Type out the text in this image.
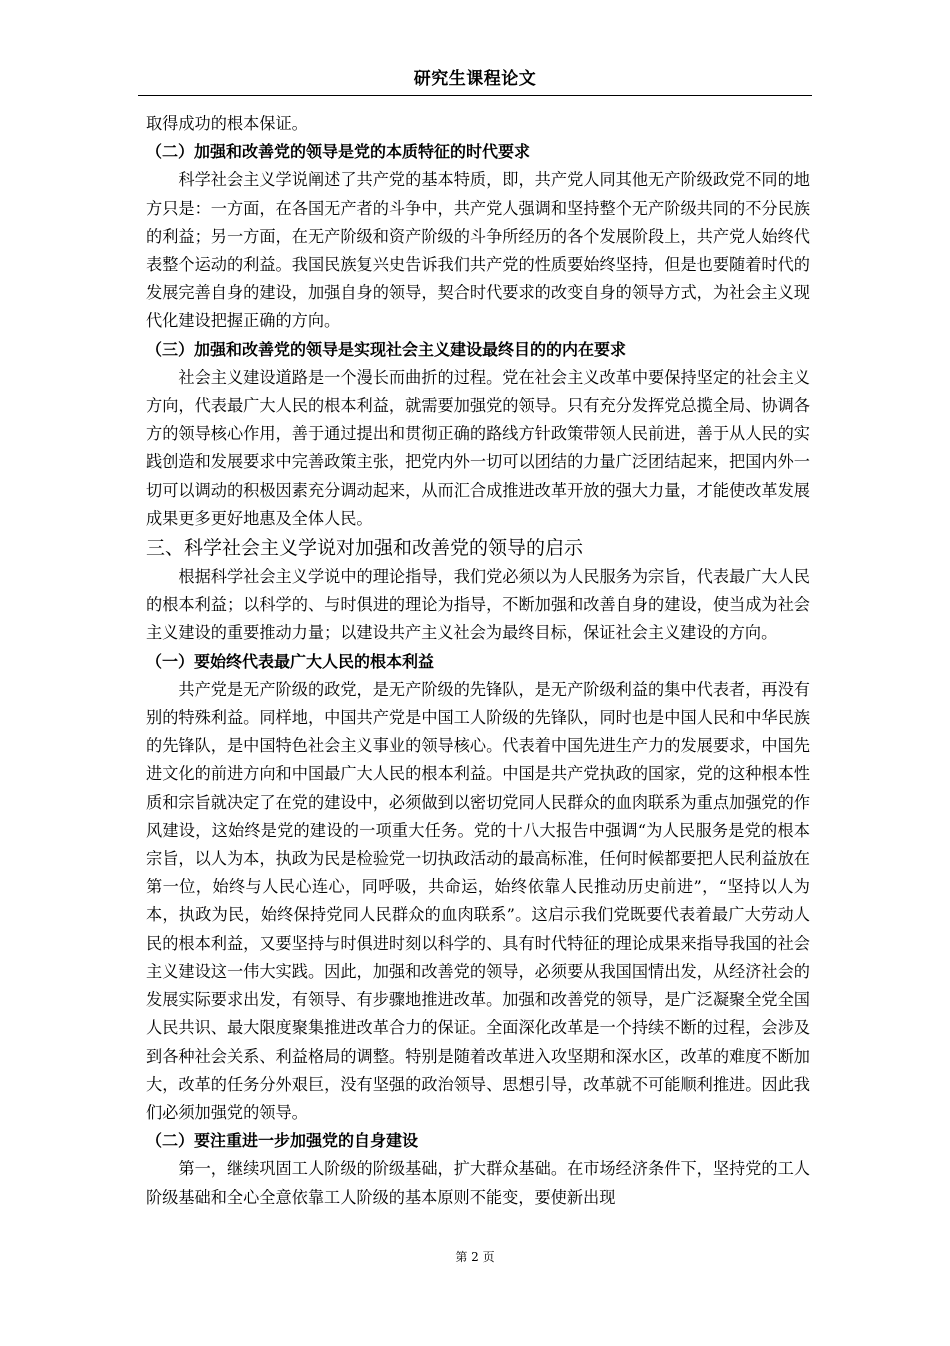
研究生课程论文

取得成功的根本保证。

（二）加强和改善党的领导是党的本质特征的时代要求

科学社会主义学说阐述了共产党的基本特质，即，共产党人同其他无产阶级政党不同的地方只是：一方面，在各国无产者的斗争中，共产党人强调和坚持整个无产阶级共同的不分民族的利益；另一方面，在无产阶级和资产阶级的斗争所经历的各个发展阶段上，共产党人始终代表整个运动的利益。我国民族复兴史告诉我们共产党的性质要始终坚持，但是也要随着时代的发展完善自身的建设，加强自身的领导，契合时代要求的改变自身的领导方式，为社会主义现代化建设把握正确的方向。

（三）加强和改善党的领导是实现社会主义建设最终目的的内在要求

社会主义建设道路是一个漫长而曲折的过程。党在社会主义改革中要保持坚定的社会主义方向，代表最广大人民的根本利益，就需要加强党的领导。只有充分发挥党总揽全局、协调各方的领导核心作用，善于通过提出和贯彻正确的路线方针政策带领人民前进，善于从人民的实践创造和发展要求中完善政策主张，把党内外一切可以团结的力量广泛团结起来，把国内外一切可以调动的积极因素充分调动起来，从而汇合成推进改革开放的强大力量，才能使改革发展成果更多更好地惠及全体人民。

三、科学社会主义学说对加强和改善党的领导的启示

根据科学社会主义学说中的理论指导，我们党必须以为人民服务为宗旨，代表最广大人民的根本利益；以科学的、与时俱进的理论为指导，不断加强和改善自身的建设，使当成为社会主义建设的重要推动力量；以建设共产主义社会为最终目标，保证社会主义建设的方向。

（一）要始终代表最广大人民的根本利益

共产党是无产阶级的政党，是无产阶级的先锋队，是无产阶级利益的集中代表者，再没有别的特殊利益。同样地，中国共产党是中国工人阶级的先锋队，同时也是中国人民和中华民族的先锋队，是中国特色社会主义事业的领导核心。代表着中国先进生产力的发展要求，中国先进文化的前进方向和中国最广大人民的根本利益。中国是共产党执政的国家，党的这种根本性质和宗旨就决定了在党的建设中，必须做到以密切党同人民群众的血肉联系为重点加强党的作风建设，这始终是党的建设的一项重大任务。党的十八大报告中强调“为人民服务是党的根本宗旨，以人为本，执政为民是检验党一切执政活动的最高标准，任何时候都要把人民利益放在第一位，始终与人民心连心，同呼吸，共命运，始终依靠人民推动历史前进”，“坚持以人为本，执政为民，始终保持党同人民群众的血肉联系”。这启示我们党既要代表着最广大劳动人民的根本利益，又要坚持与时俱进时刻以科学的、具有时代特征的理论成果来指导我国的社会主义建设这一伟大实践。因此，加强和改善党的领导，必须要从我国国情出发，从经济社会的发展实际要求出发，有领导、有步骤地推进改革。加强和改善党的领导，是广泛凝聚全党全国人民共识、最大限度聚集推进改革合力的保证。全面深化改革是一个持续不断的过程，会涉及到各种社会关系、利益格局的调整。特别是随着改革进入攻坚期和深水区，改革的难度不断加大，改革的任务分外艰巨，没有坚强的政治领导、思想引导，改革就不可能顺利推进。因此我们必须加强党的领导。

（二）要注重进一步加强党的自身建设

第一，继续巩固工人阶级的阶级基础，扩大群众基础。在市场经济条件下，坚持党的工人阶级基础和全心全意依靠工人阶级的基本原则不能变，要使新出现

第 2 页
